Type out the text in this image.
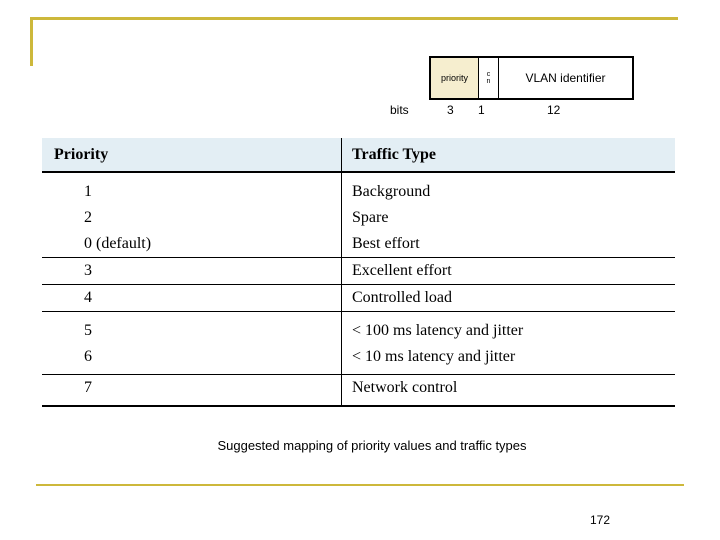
priority	c
n	VLAN identifier
bits	3 1	12
Priority	Traffic Type
1	Background
2	Spare
0 (default)	Best effort
3	Excellent effort
4	Controlled load
5	< 100 ms latency and jitter
6	< 10 ms latency and jitter
7	Network control
Suggested mapping of priority values and traffic types
172
